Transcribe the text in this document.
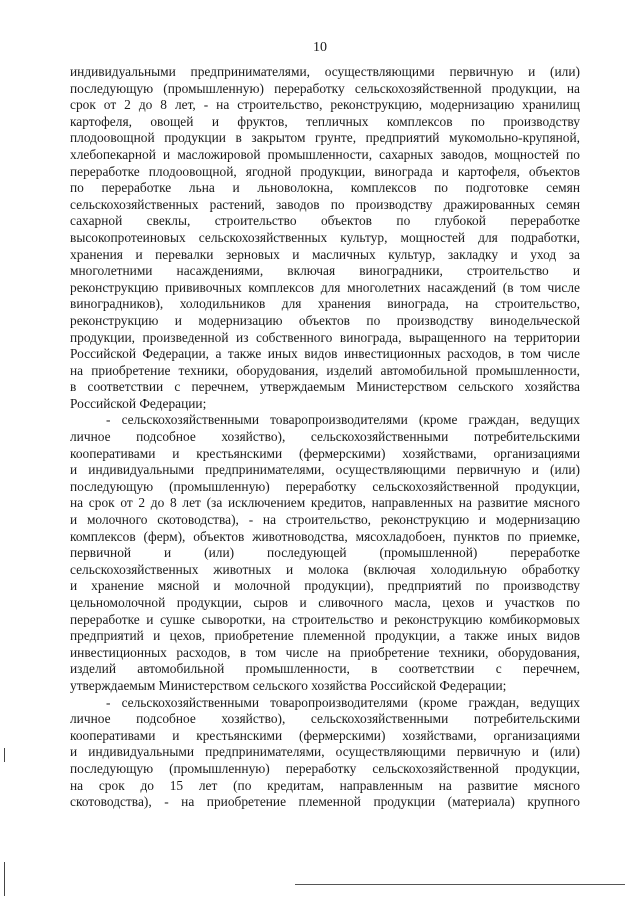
10
индивидуальными предпринимателями, осуществляющими первичную и (или)
последующую (промышленную) переработку сельскохозяйственной продукции, на
срок от 2 до 8 лет, - на строительство, реконструкцию, модернизацию хранилищ
картофеля, овощей и фруктов, тепличных комплексов по производству
плодоовощной продукции в закрытом грунте, предприятий мукомольно-крупяной,
хлебопекарной и масложировой промышленности, сахарных заводов, мощностей по
переработке плодоовощной, ягодной продукции, винограда и картофеля, объектов
по переработке льна и льноволокна, комплексов по подготовке семян
сельскохозяйственных растений, заводов по производству дражированных семян
сахарной свеклы, строительство объектов по глубокой переработке
высокопротеиновых сельскохозяйственных культур, мощностей для подработки,
хранения и перевалки зерновых и масличных культур, закладку и уход за
многолетними насаждениями, включая виноградники, строительство и
реконструкцию прививочных комплексов для многолетних насаждений (в том числе
виноградников), холодильников для хранения винограда, на строительство,
реконструкцию и модернизацию объектов по производству винодельческой
продукции, произведенной из собственного винограда, выращенного на территории
Российской Федерации, а также иных видов инвестиционных расходов, в том числе
на приобретение техники, оборудования, изделий автомобильной промышленности,
в соответствии с перечнем, утверждаемым Министерством сельского хозяйства
Российской Федерации;
- сельскохозяйственными товаропроизводителями (кроме граждан, ведущих
личное подсобное хозяйство), сельскохозяйственными потребительскими
кооперативами и крестьянскими (фермерскими) хозяйствами, организациями
и индивидуальными предпринимателями, осуществляющими первичную и (или)
последующую (промышленную) переработку сельскохозяйственной продукции,
на срок от 2 до 8 лет (за исключением кредитов, направленных на развитие мясного
и молочного скотоводства), - на строительство, реконструкцию и модернизацию
комплексов (ферм), объектов животноводства, мясохладобоен, пунктов по приемке,
первичной и (или) последующей (промышленной) переработке
сельскохозяйственных животных и молока (включая холодильную обработку
и хранение мясной и молочной продукции), предприятий по производству
цельномолочной продукции, сыров и сливочного масла, цехов и участков по
переработке и сушке сыворотки, на строительство и реконструкцию комбикормовых
предприятий и цехов, приобретение племенной продукции, а также иных видов
инвестиционных расходов, в том числе на приобретение техники, оборудования,
изделий автомобильной промышленности, в соответствии с перечнем,
утверждаемым Министерством сельского хозяйства Российской Федерации;
- сельскохозяйственными товаропроизводителями (кроме граждан, ведущих
личное подсобное хозяйство), сельскохозяйственными потребительскими
кооперативами и крестьянскими (фермерскими) хозяйствами, организациями
и индивидуальными предпринимателями, осуществляющими первичную и (или)
последующую (промышленную) переработку сельскохозяйственной продукции,
на срок до 15 лет (по кредитам, направленным на развитие мясного
скотоводства), - на приобретение племенной продукции (материала) крупного
